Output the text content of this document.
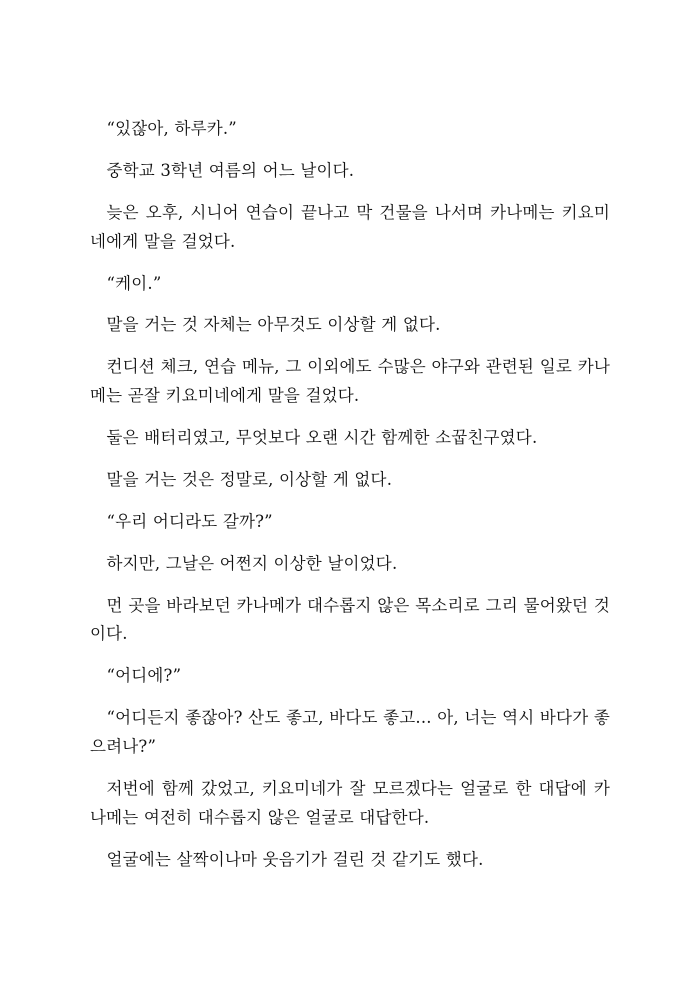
“있잖아, 하루카.”

중학교 3학년 여름의 어느 날이다.

늦은 오후, 시니어 연습이 끝나고 막 건물을 나서며 카나메는 키요미네에게 말을 걸었다.

“케이.”

말을 거는 것 자체는 아무것도 이상할 게 없다.

컨디션 체크, 연습 메뉴, 그 이외에도 수많은 야구와 관련된 일로 카나메는 곧잘 키요미네에게 말을 걸었다.

둘은 배터리였고, 무엇보다 오랜 시간 함께한 소꿉친구였다.

말을 거는 것은 정말로, 이상할 게 없다.

“우리 어디라도 갈까?”

하지만, 그날은 어쩐지 이상한 날이었다.

먼 곳을 바라보던 카나메가 대수롭지 않은 목소리로 그리 물어왔던 것이다.

“어디에?”

“어디든지 좋잖아? 산도 좋고, 바다도 좋고... 아, 너는 역시 바다가 좋으려나?”

저번에 함께 갔었고, 키요미네가 잘 모르겠다는 얼굴로 한 대답에 카나메는 여전히 대수롭지 않은 얼굴로 대답한다.

얼굴에는 살짝이나마 웃음기가 걸린 것 같기도 했다.
